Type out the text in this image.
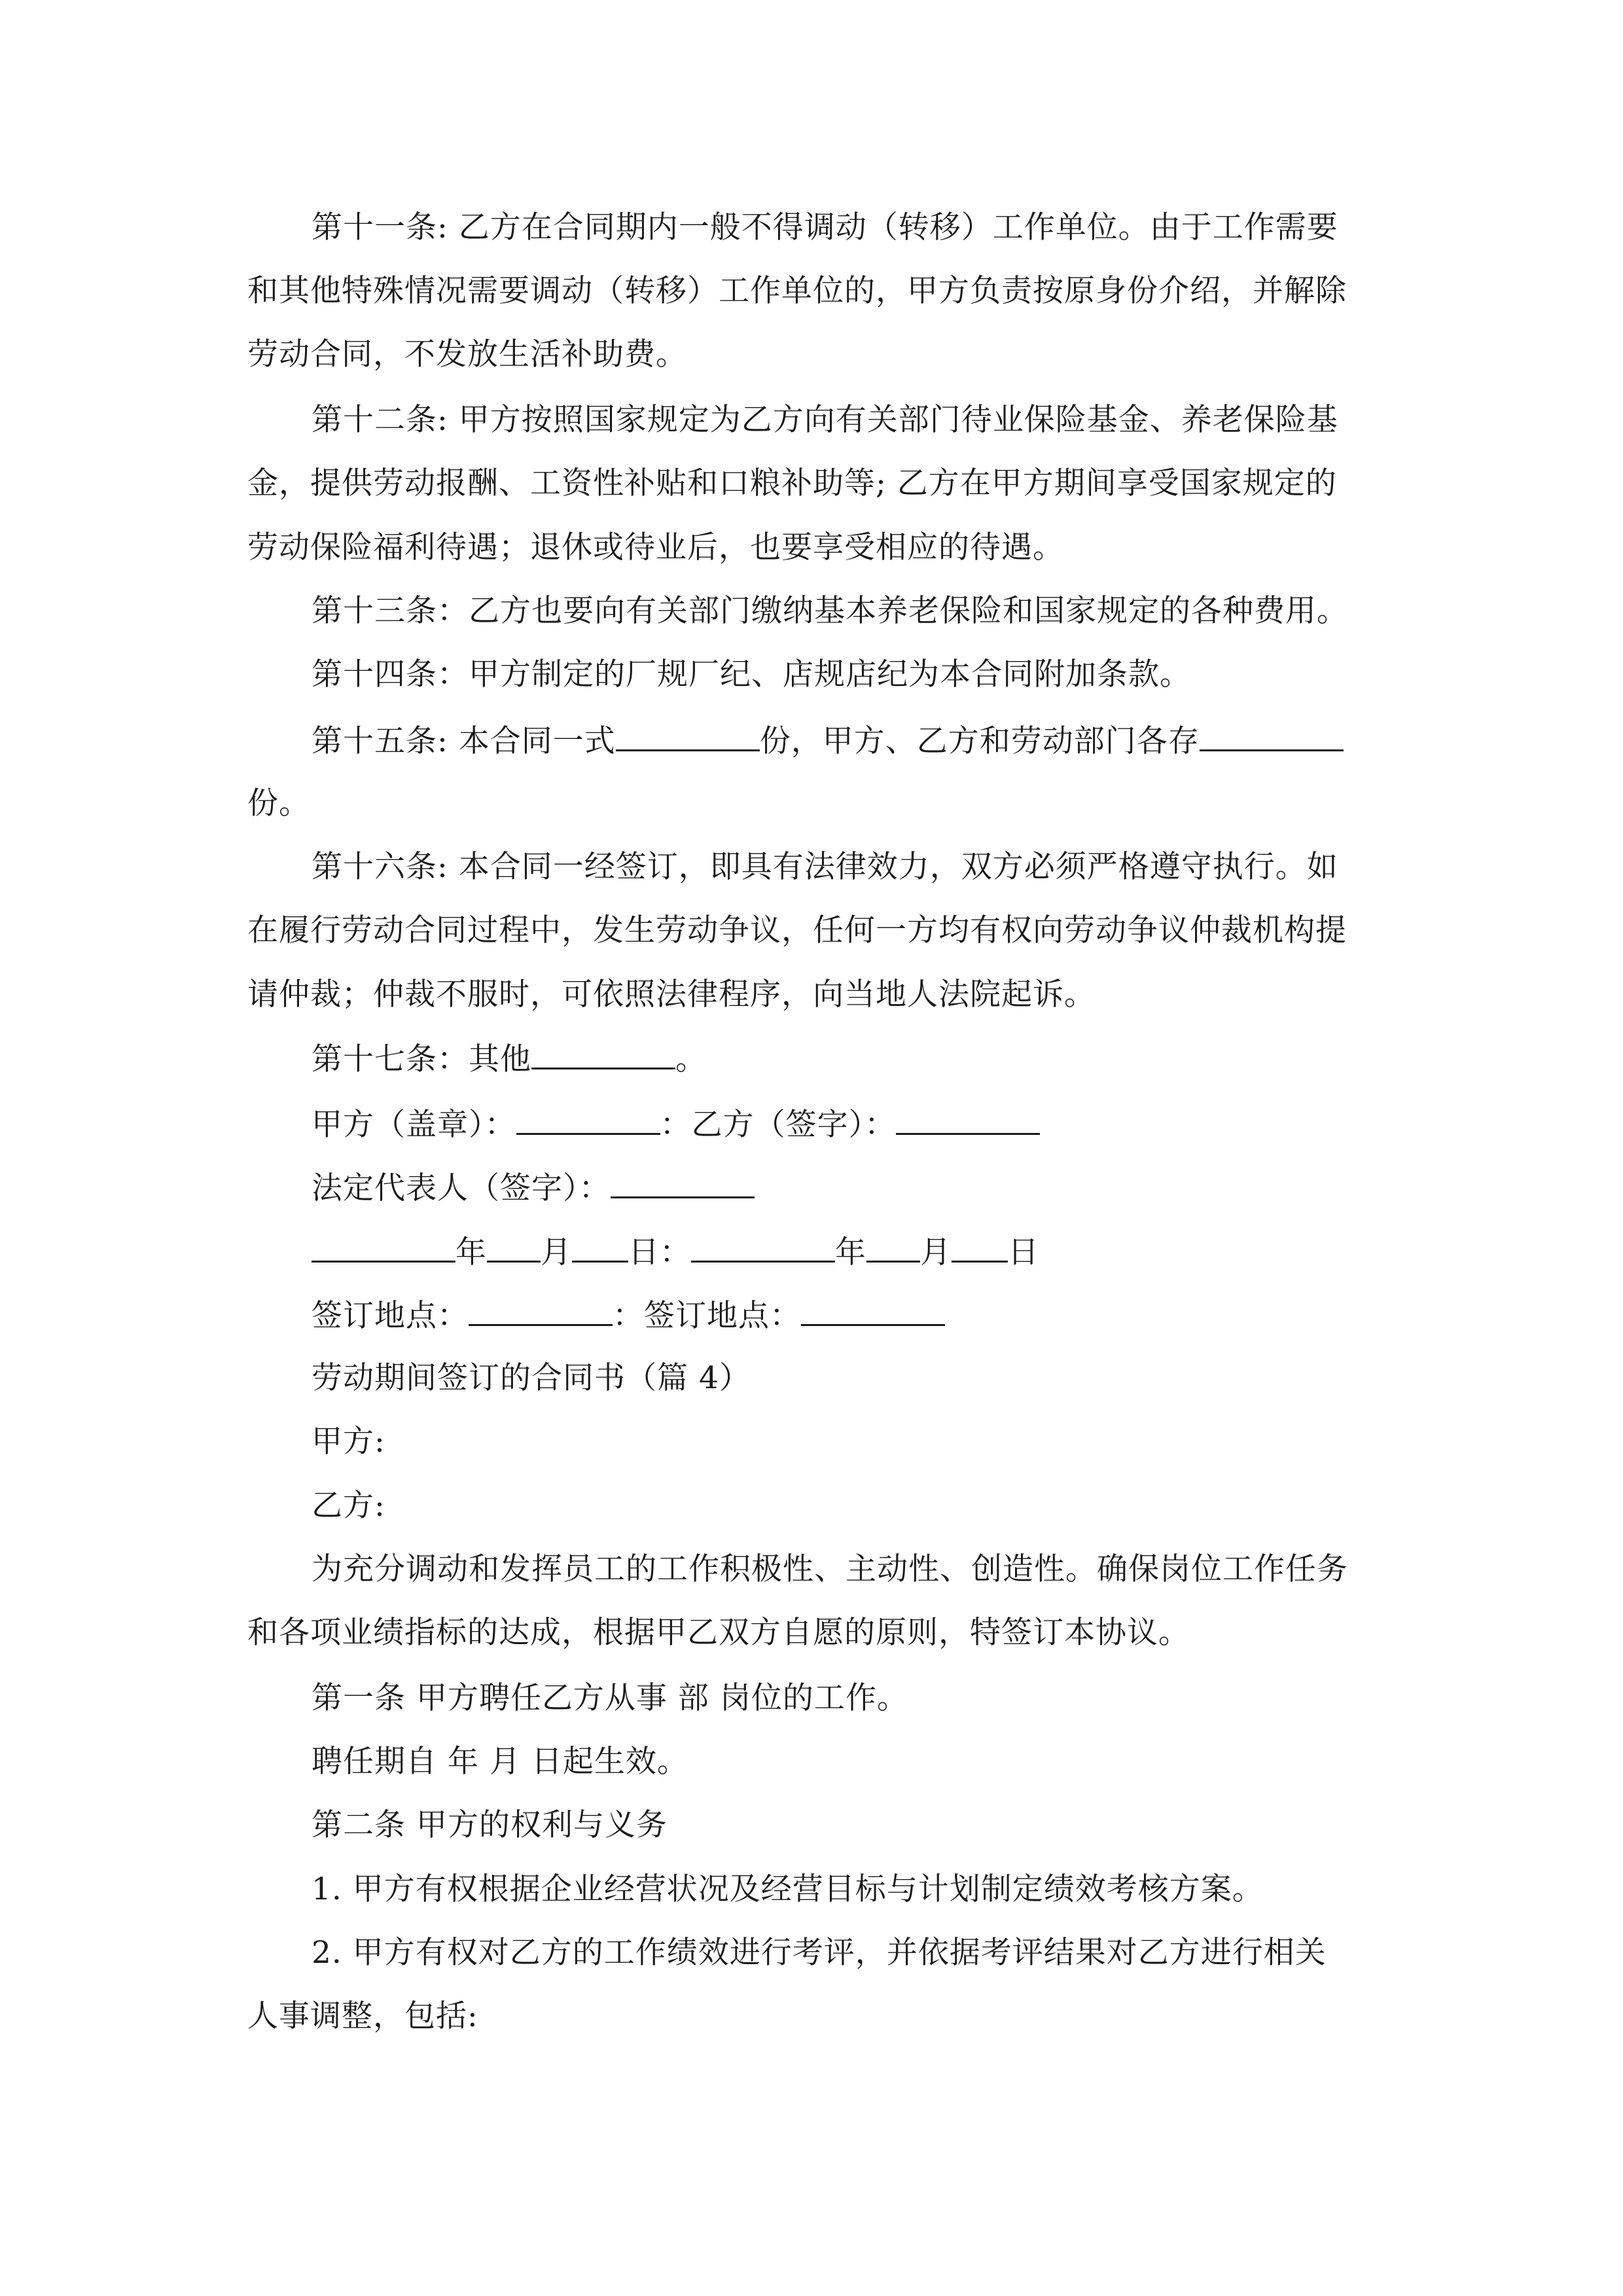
第十一条: 乙方在合同期内一般不得调动（转移）工作单位。由于工作需要
和其他特殊情况需要调动（转移）工作单位的，甲方负责按原身份介绍，并解除
劳动合同，不发放生活补助费。
第十二条: 甲方按照国家规定为乙方向有关部门待业保险基金、养老保险基
金，提供劳动报酬、工资性补贴和口粮补助等; 乙方在甲方期间享受国家规定的
劳动保险福利待遇；退休或待业后，也要享受相应的待遇。
第十三条：乙方也要向有关部门缴纳基本养老保险和国家规定的各种费用。
第十四条：甲方制定的厂规厂纪、店规店纪为本合同附加条款。
第十五条: 本合同一式	份，甲方、乙方和劳动部门各存
份。
第十六条: 本合同一经签订，即具有法律效力，双方必须严格遵守执行。如
在履行劳动合同过程中，发生劳动争议，任何一方均有权向劳动争议仲裁机构提
请仲裁；仲裁不服时，可依照法律程序，向当地人法院起诉。
第十七条：其他	。
甲方（盖章）：	：乙方（签字）：
法定代表人（签字）：
年 月 日：	年 月 日
签订地点：	：签订地点：
劳动期间签订的合同书（篇 4）
甲方:
乙方:
为充分调动和发挥员工的工作积极性、主动性、创造性。确保岗位工作任务
和各项业绩指标的达成，根据甲乙双方自愿的原则，特签订本协议。
第一条 甲方聘任乙方从事 部 岗位的工作。
聘任期自 年 月 日起生效。
第二条 甲方的权利与义务
1. 甲方有权根据企业经营状况及经营目标与计划制定绩效考核方案。
2. 甲方有权对乙方的工作绩效进行考评，并依据考评结果对乙方进行相关
人事调整，包括:
